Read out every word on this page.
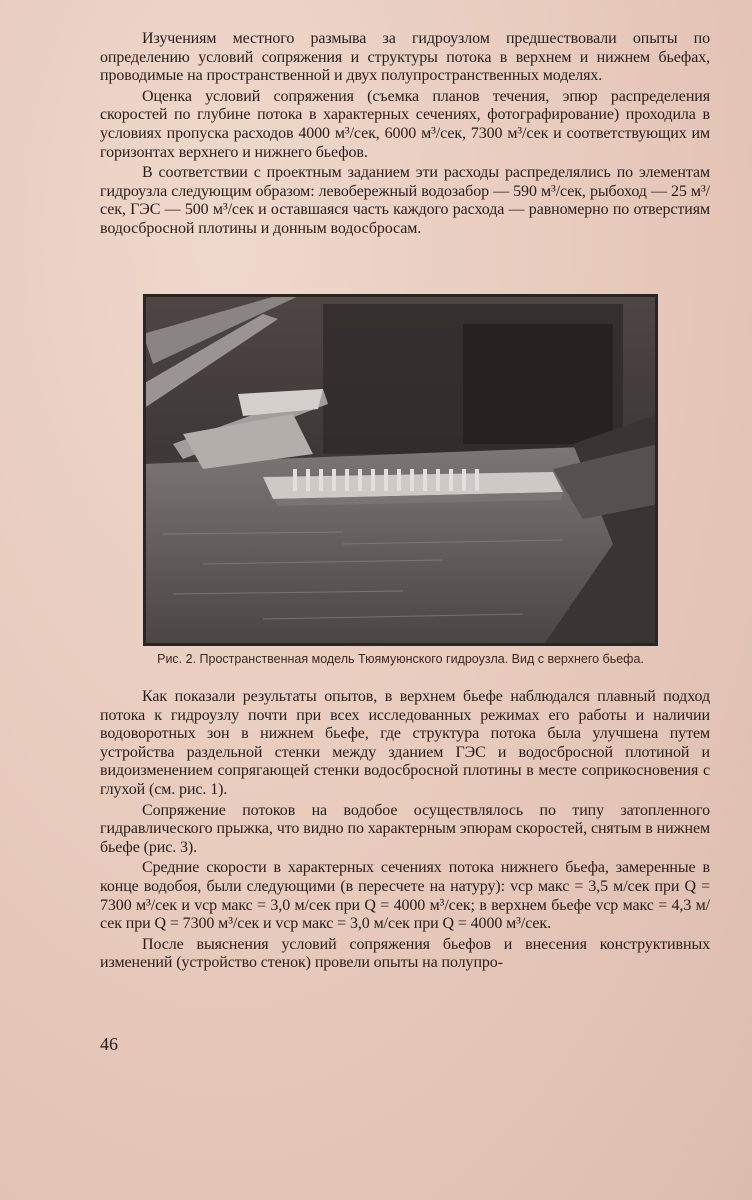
Изучениям местного размыва за гидроузлом предшествовали опыты по определению условий сопряжения и структуры потока в верхнем и нижнем бьефах, проводимые на пространственной и двух полупространственных моделях.

Оценка условий сопряжения (съемка планов течения, эпюр распределения скоростей по глубине потока в характерных сечениях, фотографирование) проходила в условиях пропуска расходов 4000 м³/сек, 6000 м³/сек, 7300 м³/сек и соответствующих им горизонтах верхнего и нижнего бьефов.

В соответствии с проектным заданием эти расходы распределялись по элементам гидроузла следующим образом: левобережный водозабор — 590 м³/сек, рыбоход — 25 м³/сек, ГЭС — 500 м³/сек и оставшаяся часть каждого расхода — равномерно по отверстиям водосбросной плотины и донным водосбросам.

Рис. 2. Пространственная модель Тюямуюнского гидроузла. Вид с верхнего бьефа.

Как показали результаты опытов, в верхнем бьефе наблюдался плавный подход потока к гидроузлу почти при всех исследованных режимах его работы и наличии водоворотных зон в нижнем бьефе, где структура потока была улучшена путем устройства раздельной стенки между зданием ГЭС и водосбросной плотиной и видоизменением сопрягающей стенки водосбросной плотины в месте соприкосновения с глухой (см. рис. 1).

Сопряжение потоков на водобое осуществлялось по типу затопленного гидравлического прыжка, что видно по характерным эпюрам скоростей, снятым в нижнем бьефе (рис. 3).

Средние скорости в характерных сечениях потока нижнего бьефа, замеренные в конце водобоя, были следующими (в пересчете на натуру): vср макс = 3,5 м/сек при Q = 7300 м³/сек и vср макс = 3,0 м/сек при Q = 4000 м³/сек; в верхнем бьефе vср макс = 4,3 м/сек при Q = 7300 м³/сек и vср макс = 3,0 м/сек при Q = 4000 м³/сек.

После выяснения условий сопряжения бьефов и внесения конструктивных изменений (устройство стенок) провели опыты на полупро-

46
